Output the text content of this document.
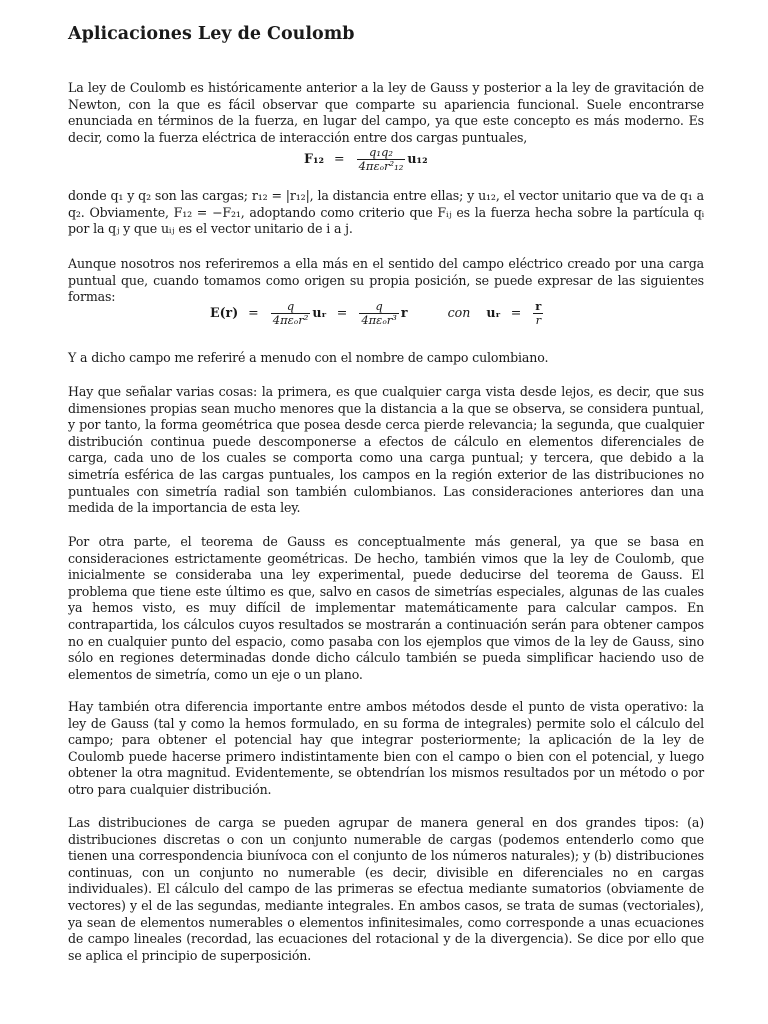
Aplicaciones Ley de Coulomb

La ley de Coulomb es históricamente anterior a la ley de Gauss y posterior a la ley de gravitación de Newton, con la que es fácil observar que comparte su apariencia funcional. Suele encontrarse enunciada en términos de la fuerza, en lugar del campo, ya que este concepto es más moderno. Es decir, como la fuerza eléctrica de interacción entre dos cargas puntuales,

$F_{12} = \frac{\text{q₁q₂}}{\text{4πεₒr²₁₂}} u_{12}$

donde q₁ y q₂ son las cargas; r₁₂ = |r₁₂|, la distancia entre ellas; y u₁₂, el vector unitario que va de q₁ a q₂. Obviamente, F₁₂ = −F₂₁, adoptando como criterio que Fᵢⱼ es la fuerza hecha sobre la partícula qᵢ por la qⱼ y que uᵢⱼ es el vector unitario de i a j.

Aunque nosotros nos referiremos a ella más en el sentido del campo eléctrico creado por una carga puntual que, cuando tomamos como origen su propia posición, se puede expresar de las siguientes formas:

$E(r) = \frac{q}{\text{4πεₒr²}}$ uᵣ = $\frac{q}{\text{4πεₒr³}}$ r	con uᵣ = $\frac{r}{r}$

Y a dicho campo me referiré a menudo con el nombre de campo culombiano.

Hay que señalar varias cosas: la primera, es que cualquier carga vista desde lejos, es decir, que sus dimensiones propias sean mucho menores que la distancia a la que se observa, se considera puntual, y por tanto, la forma geométrica que posea desde cerca pierde relevancia; la segunda, que cualquier distribución continua puede descomponerse a efectos de cálculo en elementos diferenciales de carga, cada uno de los cuales se comporta como una carga puntual; y tercera, que debido a la simetría esférica de las cargas puntuales, los campos en la región exterior de las distribuciones no puntuales con simetría radial son también culombianos. Las consideraciones anteriores dan una medida de la importancia de esta ley.

Por otra parte, el teorema de Gauss es conceptualmente más general, ya que se basa en consideraciones estrictamente geométricas. De hecho, también vimos que la ley de Coulomb, que inicialmente se consideraba una ley experimental, puede deducirse del teorema de Gauss. El problema que tiene este último es que, salvo en casos de simetrías especiales, algunas de las cuales ya hemos visto, es muy difícil de implementar matemáticamente para calcular campos. En contrapartida, los cálculos cuyos resultados se mostrarán a continuación serán para obtener campos no en cualquier punto del espacio, como pasaba con los ejemplos que vimos de la ley de Gauss, sino sólo en regiones determinadas donde dicho cálculo también se pueda simplificar haciendo uso de elementos de simetría, como un eje o un plano.

Hay también otra diferencia importante entre ambos métodos desde el punto de vista operativo: la ley de Gauss (tal y como la hemos formulado, en su forma de integrales) permite solo el cálculo del campo; para obtener el potencial hay que integrar posteriormente; la aplicación de la ley de Coulomb puede hacerse primero indistintamente bien con el campo o bien con el potencial, y luego obtener la otra magnitud. Evidentemente, se obtendrían los mismos resultados por un método o por otro para cualquier distribución.

Las distribuciones de carga se pueden agrupar de manera general en dos grandes tipos: (a) distribuciones discretas o con un conjunto numerable de cargas (podemos entenderlo como que tienen una correspondencia biunívoca con el conjunto de los números naturales); y (b) distribuciones continuas, con un conjunto no numerable (es decir, divisible en diferenciales no en cargas individuales). El cálculo del campo de las primeras se efectua mediante sumatorios (obviamente de vectores) y el de las segundas, mediante integrales. En ambos casos, se trata de sumas (vectoriales), ya sean de elementos numerables o elementos infinitesimales, como corresponde a unas ecuaciones de campo lineales (recordad, las ecuaciones del rotacional y de la divergencia). Se dice por ello que se aplica el principio de superposición.
